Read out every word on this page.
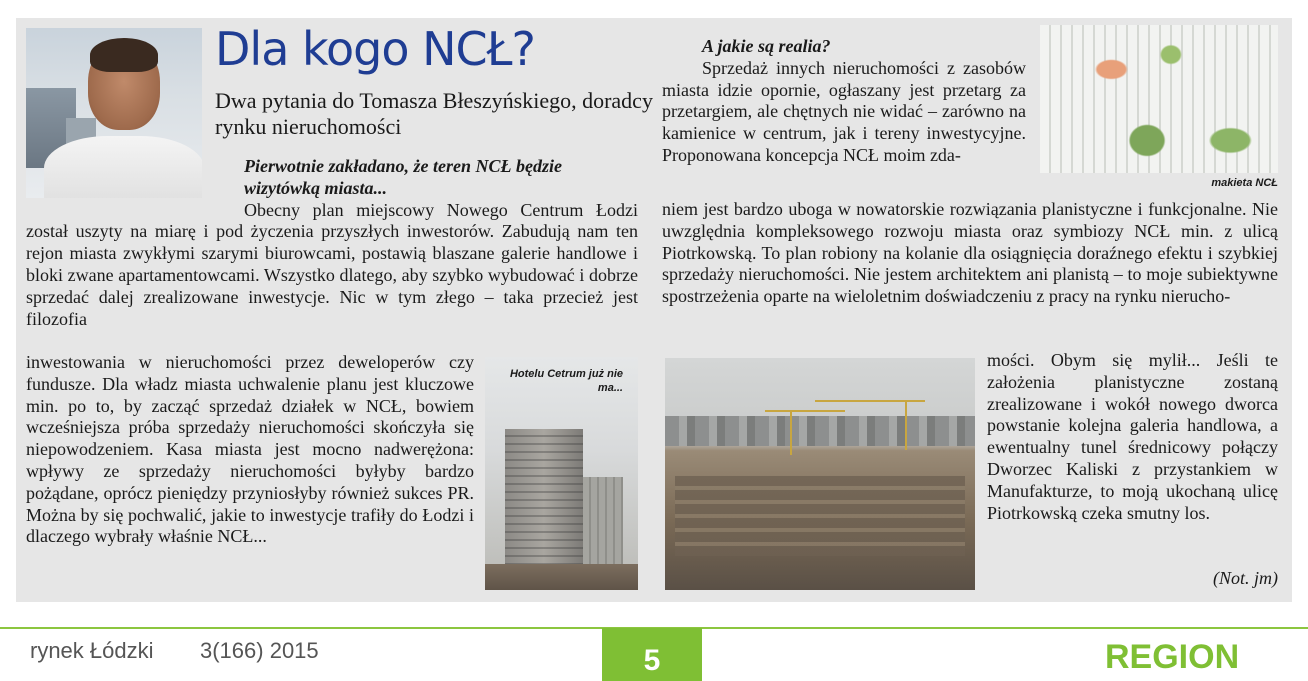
Dla kogo NCŁ?
Dwa pytania do Tomasza Błeszyńskiego, doradcy rynku nieruchomości

Pierwotnie zakładano, że teren NCŁ będzie wizytówką miasta...

Obecny plan miejscowy Nowego Centrum Łodzi został uszyty na miarę i pod życzenia przyszłych inwestorów. Zabudują nam ten rejon miasta zwykłymi szarymi biurowcami, postawią blaszane galerie handlowe i bloki zwane apartamentowcami. Wszystko dlatego, aby szybko wybudować i dobrze sprzedać dalej zrealizowane inwestycje. Nic w tym złego – taka przecież jest filozofia

inwestowania w nieruchomości przez deweloperów czy fundusze. Dla władz miasta uchwalenie planu jest kluczowe min. po to, by zacząć sprzedaż działek w NCŁ, bowiem wcześniejsza próba sprzedaży nieruchomości skończyła się niepowodzeniem. Kasa miasta jest mocno nadwerężona: wpływy ze sprzedaży nieruchomości byłyby bardzo pożądane, oprócz pieniędzy przyniosłyby również sukces PR. Można by się pochwalić, jakie to inwestycje trafiły do Łodzi i dlaczego wybrały właśnie NCŁ...
Hotelu Cetrum już nie ma...

A jakie są realia?

Sprzedaż innych nieruchomości z zasobów miasta idzie opornie, ogłaszany jest przetarg za przetargiem, ale chętnych nie widać – zarówno na kamienice w centrum, jak i tereny inwestycyjne. Proponowana koncepcja NCŁ moim zda-

makieta NCŁ
niem jest bardzo uboga w nowatorskie rozwiązania planistyczne i funkcjonalne. Nie uwzględnia kompleksowego rozwoju miasta oraz symbiozy NCŁ min. z ulicą Piotrkowską. To plan robiony na kolanie dla osiągnięcia doraźnego efektu i szybkiej sprzedaży nieruchomości. Nie jestem architektem ani planistą – to moje subiektywne spostrzeżenia oparte na wieloletnim doświadczeniu z pracy na rynku nierucho-
mości. Obym się mylił... Jeśli te założenia planistyczne zostaną zrealizowane i wokół nowego dworca powstanie kolejna galeria handlowa, a ewentualny tunel średnicowy połączy Dworzec Kaliski z przystankiem w Manufakturze, to moją ukochaną ulicę Piotrkowską czeka smutny los.
(Not. jm)
rynek Łódzki 3(166) 2015	5	REGION
